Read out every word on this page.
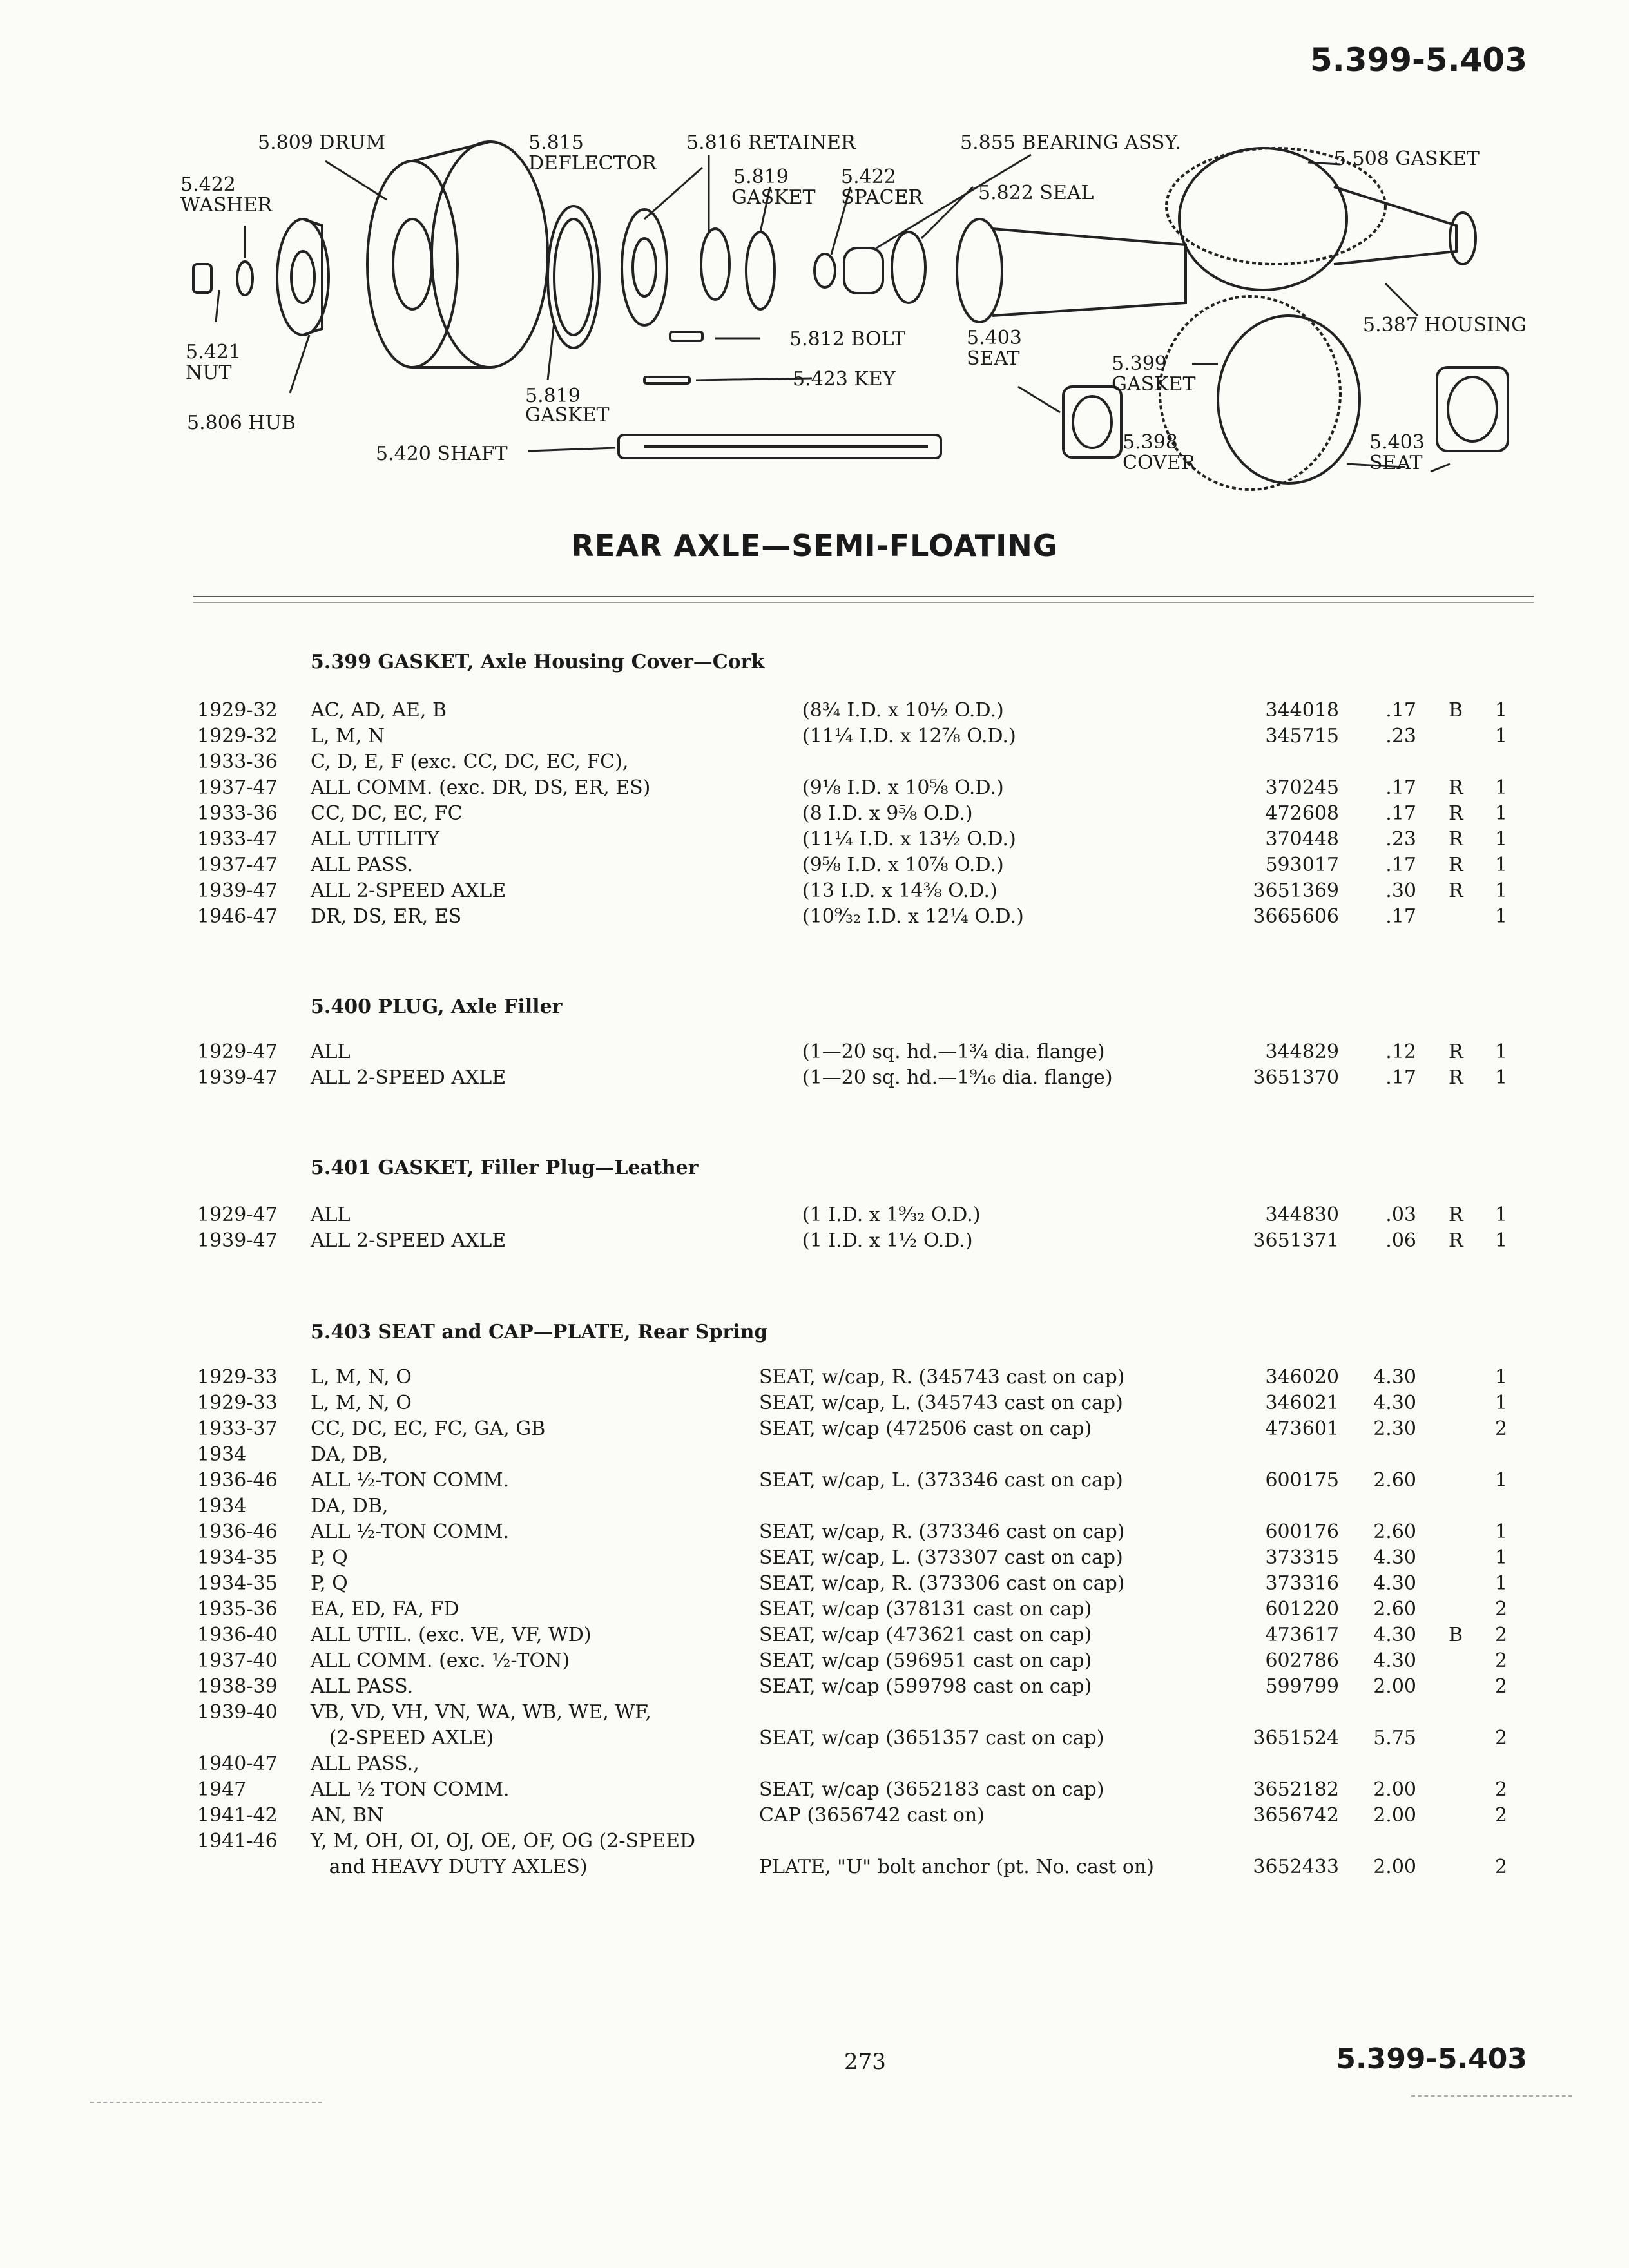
5.399-5.403
5.809 DRUM
5.422
WASHER
5.815
DEFLECTOR
5.816 RETAINER
5.819
GASKET
5.422
SPACER	5.822 SEAL
5.855 BEARING ASSY.
5.508 GASKET
5.421
NUT
5.806 HUB
5.819
GASKET
5.812 BOLT
5.423 KEY
5.420 SHAFT
5.403
SEAT	5.399
GASKET
5.398
COVER
5.387 HOUSING
5.403
SEAT
REAR AXLE—SEMI-FLOATING
5.399 GASKET, Axle Housing Cover—Cork
1929-32 AC, AD, AE, B	(8¾ I.D. x 10½ O.D.)	344018 .17 B 1
1929-32 L, M, N	(11¼ I.D. x 12⅞ O.D.)	345715 .23	1
1933-36 C, D, E, F (exc. CC, DC, EC, FC),
1937-47 ALL COMM. (exc. DR, DS, ER, ES)	(9⅛ I.D. x 10⅝ O.D.)	370245 .17 R 1
1933-36 CC, DC, EC, FC	(8 I.D. x 9⅝ O.D.)	472608 .17 R 1
1933-47 ALL UTILITY	(11¼ I.D. x 13½ O.D.)	370448 .23 R 1
1937-47 ALL PASS.	(9⅝ I.D. x 10⅞ O.D.)	593017 .17 R 1
1939-47 ALL 2-SPEED AXLE	(13 I.D. x 14⅜ O.D.)	3651369 .30 R 1
1946-47 DR, DS, ER, ES	(10⁹⁄₃₂ I.D. x 12¼ O.D.)	3665606 .17	1
5.400 PLUG, Axle Filler
1929-47 ALL	(1—20 sq. hd.—1¾ dia. flange)	344829 .12 R 1
1939-47 ALL 2-SPEED AXLE	(1—20 sq. hd.—1⁹⁄₁₆ dia. flange)	3651370 .17 R 1
5.401 GASKET, Filler Plug—Leather
1929-47 ALL	(1 I.D. x 1⁹⁄₃₂ O.D.)	344830 .03 R 1
1939-47 ALL 2-SPEED AXLE	(1 I.D. x 1½ O.D.)	3651371 .06 R 1
5.403 SEAT and CAP—PLATE, Rear Spring
1929-33 L, M, N, O	SEAT, w/cap, R. (345743 cast on cap)	346020 4.30	1
1929-33 L, M, N, O	SEAT, w/cap, L. (345743 cast on cap)	346021 4.30	1
1933-37 CC, DC, EC, FC, GA, GB	SEAT, w/cap (472506 cast on cap)	473601 2.30	2
1934	DA, DB,
1936-46 ALL ½-TON COMM.	SEAT, w/cap, L. (373346 cast on cap)	600175 2.60	1
1934	DA, DB,
1936-46 ALL ½-TON COMM.	SEAT, w/cap, R. (373346 cast on cap)	600176 2.60	1
1934-35 P, Q	SEAT, w/cap, L. (373307 cast on cap)	373315 4.30	1
1934-35 P, Q	SEAT, w/cap, R. (373306 cast on cap)	373316 4.30	1
1935-36 EA, ED, FA, FD	SEAT, w/cap (378131 cast on cap)	601220 2.60	2
1936-40 ALL UTIL. (exc. VE, VF, WD)	SEAT, w/cap (473621 cast on cap)	473617 4.30 B 2
1937-40 ALL COMM. (exc. ½-TON)	SEAT, w/cap (596951 cast on cap)	602786 4.30	2
1938-39 ALL PASS.	SEAT, w/cap (599798 cast on cap)	599799 2.00	2
1939-40 VB, VD, VH, VN, WA, WB, WE, WF,
(2-SPEED AXLE)	SEAT, w/cap (3651357 cast on cap)	3651524 5.75	2
1940-47 ALL PASS.,
1947	ALL ½ TON COMM.	SEAT, w/cap (3652183 cast on cap)	3652182 2.00	2
1941-42 AN, BN	CAP (3656742 cast on)	3656742 2.00	2
1941-46 Y, M, OH, OI, OJ, OE, OF, OG (2-SPEED
and HEAVY DUTY AXLES)	PLATE, "U" bolt anchor (pt. No. cast on)	3652433 2.00	2
273	5.399-5.403
